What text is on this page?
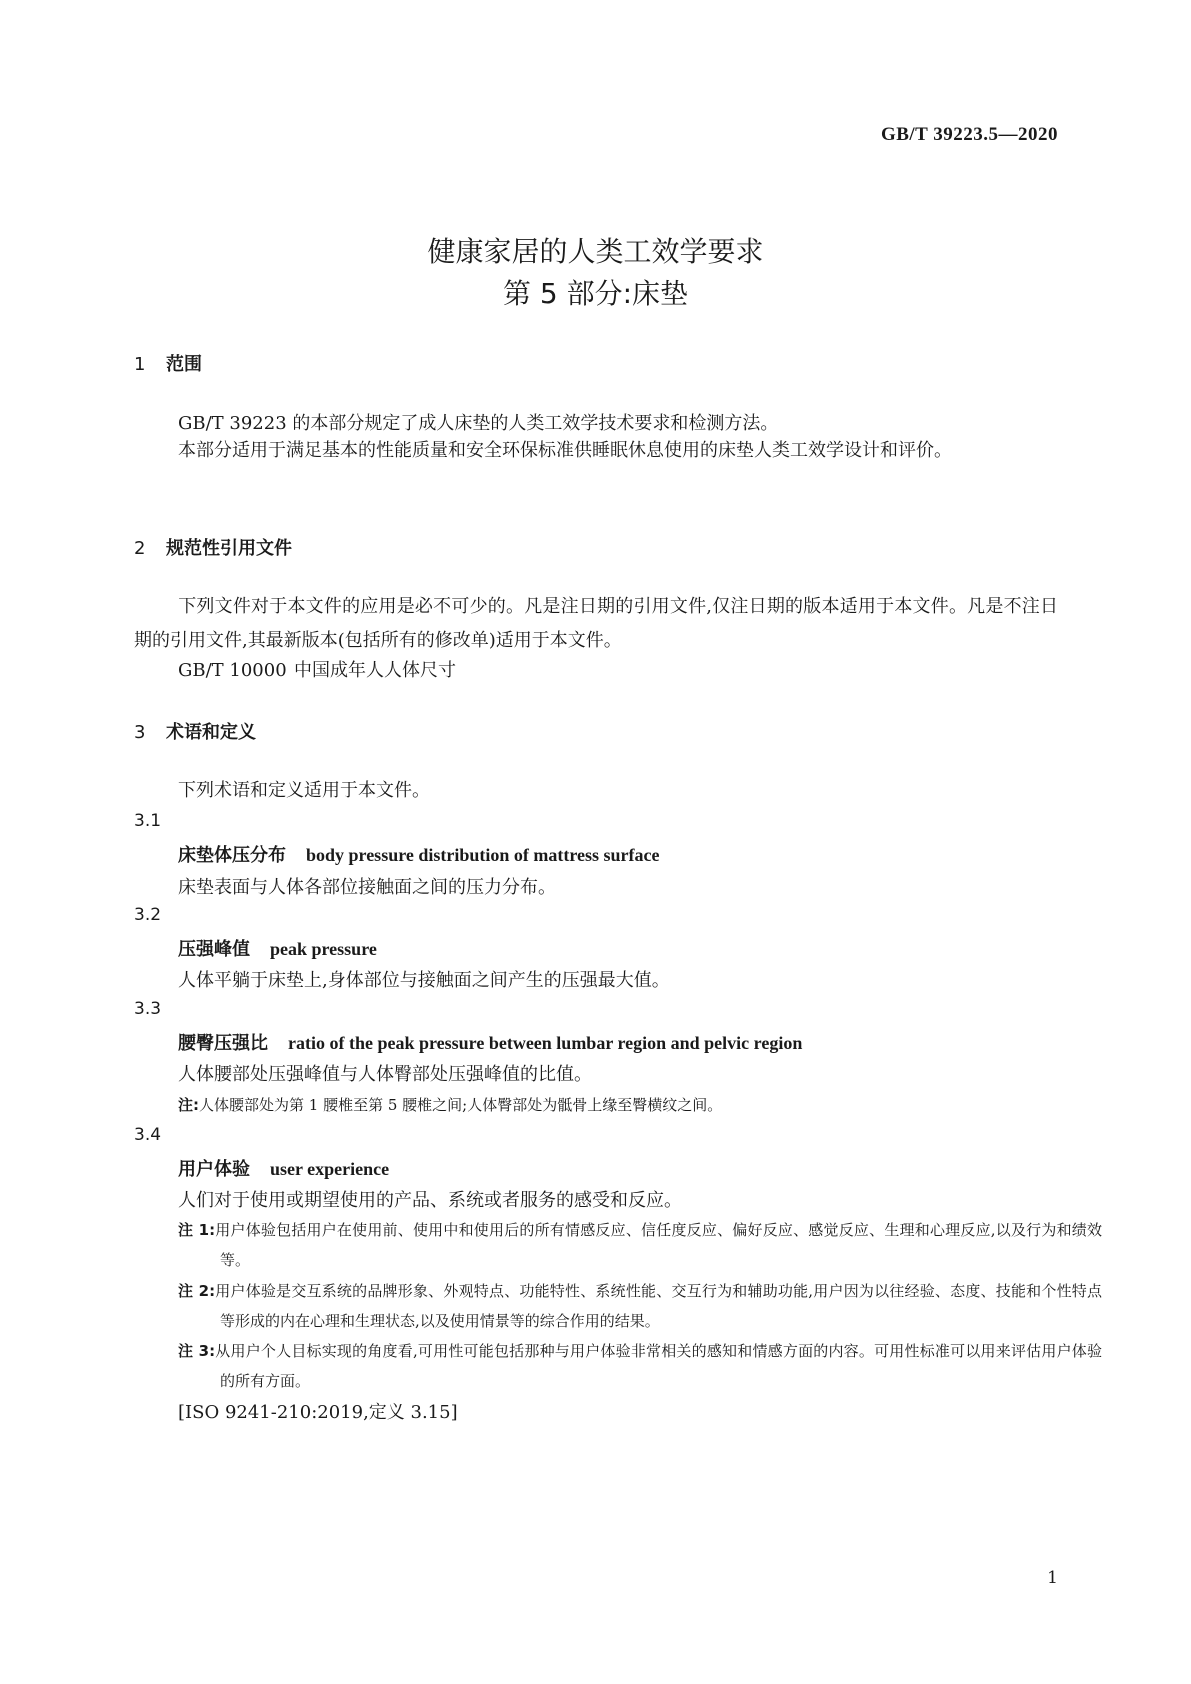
GB/T 39223.5—2020
健康家居的人类工效学要求
第 5 部分:床垫
1 范围
GB/T 39223 的本部分规定了成人床垫的人类工效学技术要求和检测方法。
本部分适用于满足基本的性能质量和安全环保标准供睡眠休息使用的床垫人类工效学设计和评价。
2 规范性引用文件
下列文件对于本文件的应用是必不可少的。凡是注日期的引用文件,仅注日期的版本适用于本文件。凡是不注日期的引用文件,其最新版本(包括所有的修改单)适用于本文件。
GB/T 10000 中国成年人人体尺寸
3 术语和定义
下列术语和定义适用于本文件。
3.1
床垫体压分布 body pressure distribution of mattress surface
床垫表面与人体各部位接触面之间的压力分布。
3.2
压强峰值 peak pressure
人体平躺于床垫上,身体部位与接触面之间产生的压强最大值。
3.3
腰臀压强比 ratio of the peak pressure between lumbar region and pelvic region
人体腰部处压强峰值与人体臀部处压强峰值的比值。
注:人体腰部处为第 1 腰椎至第 5 腰椎之间;人体臀部处为骶骨上缘至臀横纹之间。
3.4
用户体验 user experience
人们对于使用或期望使用的产品、系统或者服务的感受和反应。
注 1:用户体验包括用户在使用前、使用中和使用后的所有情感反应、信任度反应、偏好反应、感觉反应、生理和心理反应,以及行为和绩效等。
注 2:用户体验是交互系统的品牌形象、外观特点、功能特性、系统性能、交互行为和辅助功能,用户因为以往经验、态度、技能和个性特点等形成的内在心理和生理状态,以及使用情景等的综合作用的结果。
注 3:从用户个人目标实现的角度看,可用性可能包括那种与用户体验非常相关的感知和情感方面的内容。可用性标准可以用来评估用户体验的所有方面。
[ISO 9241-210:2019,定义 3.15]
1
